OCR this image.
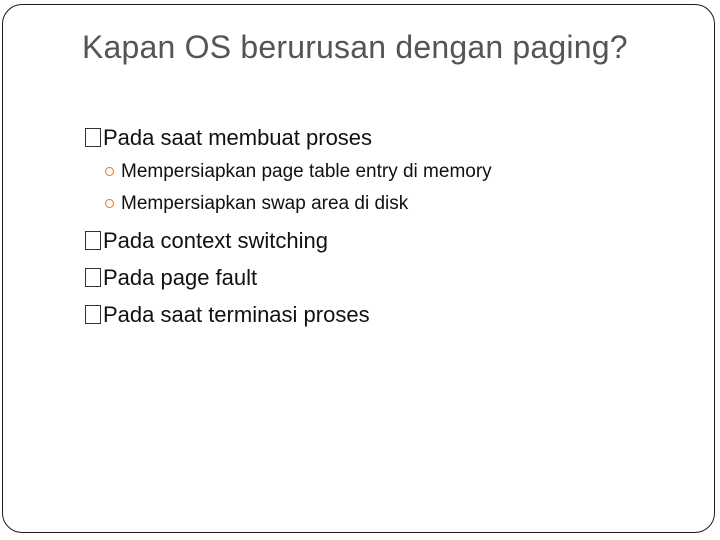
Kapan OS berurusan dengan paging?
Pada saat membuat proses
Mempersiapkan page table entry di memory
Mempersiapkan swap area di disk
Pada context switching
Pada page fault
Pada saat terminasi proses
